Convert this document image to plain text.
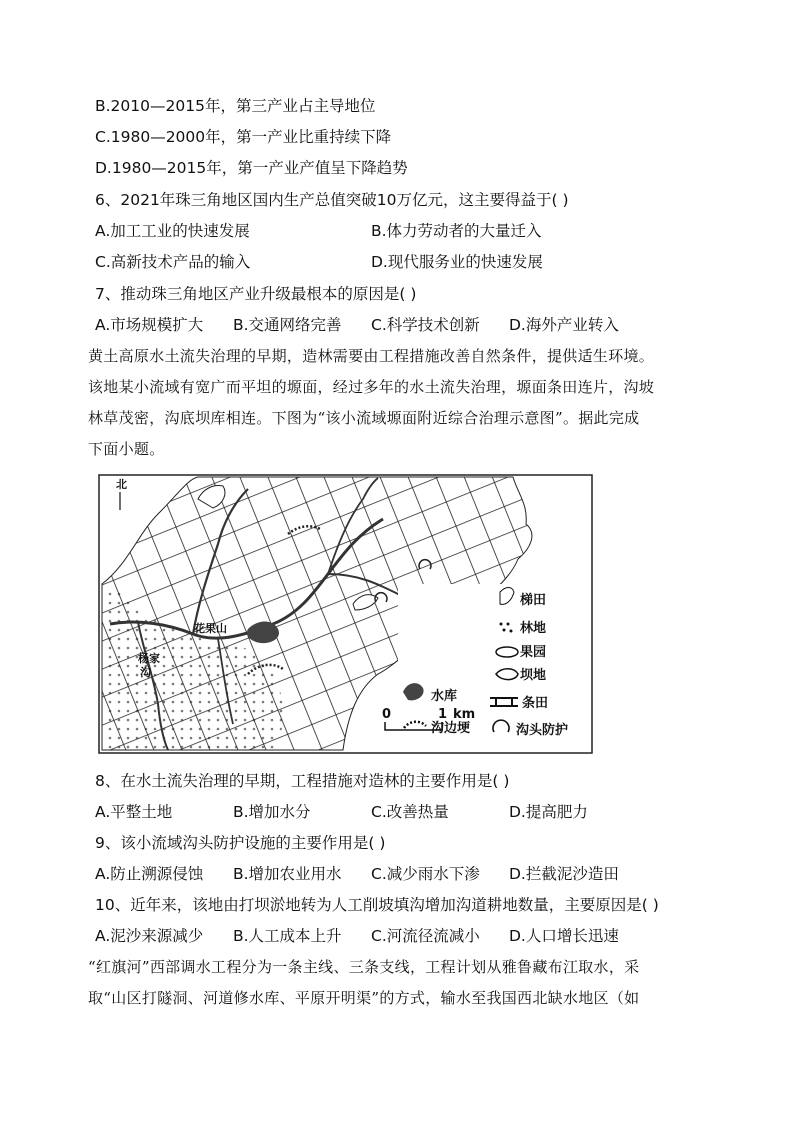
B.2010—2015年，第三产业占主导地位
C.1980—2000年，第一产业比重持续下降
D.1980—2015年，第一产业产值呈下降趋势
6、2021年珠三角地区国内生产总值突破10万亿元，这主要得益于( )
A.加工工业的快速发展	B.体力劳动者的大量迁入
C.高新技术产品的输入	D.现代服务业的快速发展
7、推动珠三角地区产业升级最根本的原因是( )
A.市场规模扩大 B.交通网络完善 C.科学技术创新 D.海外产业转入
黄土高原水土流失治理的早期，造林需要由工程措施改善自然条件，提供适生环境。
该地某小流域有宽广而平坦的塬面，经过多年的水土流失治理，塬面条田连片，沟坡
林草茂密，沟底坝库相连。下图为“该小流域塬面附近综合治理示意图”。据此完成
下面小题。
北
花果山
杨家
沟
梯田
林地
果园
坝地
水库	条田
沟边埂	沟头防护
0	1 km
8、在水土流失治理的早期，工程措施对造林的主要作用是( )
A.平整土地	B.增加水分	C.改善热量	D.提高肥力
9、该小流域沟头防护设施的主要作用是( )
A.防止溯源侵蚀 B.增加农业用水 C.减少雨水下渗 D.拦截泥沙造田
10、近年来，该地由打坝淤地转为人工削坡填沟增加沟道耕地数量，主要原因是( )
A.泥沙来源减少 B.人工成本上升 C.河流径流减小 D.人口增长迅速
“红旗河”西部调水工程分为一条主线、三条支线，工程计划从雅鲁藏布江取水，采
取“山区打隧洞、河道修水库、平原开明渠”的方式，输水至我国西北缺水地区（如
